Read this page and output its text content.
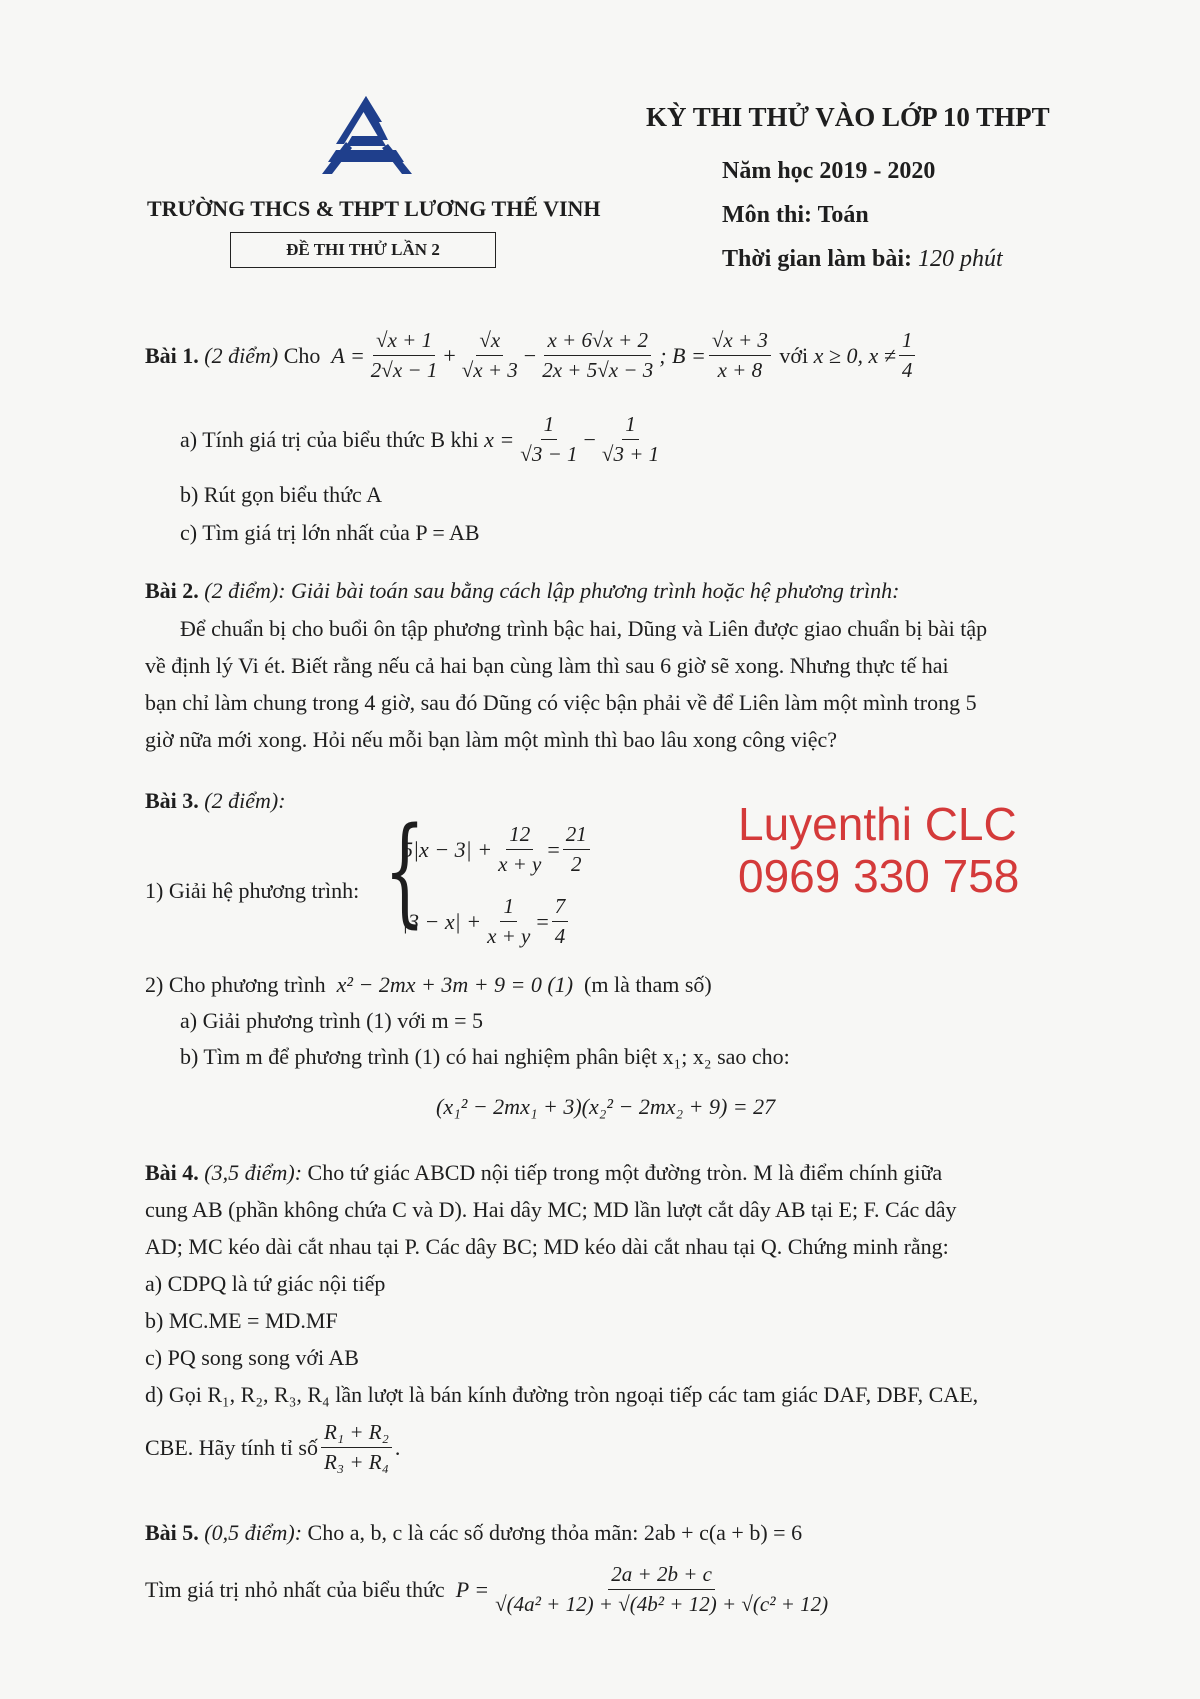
KỲ THI THỬ VÀO LỚP 10 THPT
TRƯỜNG THCS & THPT LƯƠNG THẾ VINH
ĐỀ THI THỬ LẦN 2
Năm học 2019 - 2020
Môn thi: Toán
Thời gian làm bài: 120 phút
Bài 1.
(2 điểm)
Cho
$A = \frac{√x + 1}{2√x - 1} + \frac{√x}{√x + 3} - \frac{x + 6√x + 2}{2x + 5√x - 3}$ ; $B = \frac{√x + 3}{x + 8}$
với
x ≥ 0, $x \ne \frac{1}{4}$
a) Tính giá trị của biểu thức B khi
$x = \frac{1}{√3 - 1} - \frac{1}{√3 + 1}$
b) Rút gọn biểu thức A
c) Tìm giá trị lớn nhất của P = AB
Bài 2. (2 điểm): Giải bài toán sau bằng cách lập phương trình hoặc hệ phương trình:
Để chuẩn bị cho buổi ôn tập phương trình bậc hai, Dũng và Liên được giao chuẩn bị bài tập
về định lý Vi ét. Biết rằng nếu cả hai bạn cùng làm thì sau 6 giờ sẽ xong. Nhưng thực tế hai
bạn chỉ làm chung trong 4 giờ, sau đó Dũng có việc bận phải về để Liên làm một mình trong 5
giờ nữa mới xong. Hỏi nếu mỗi bạn làm một mình thì bao lâu xong công việc?
Bài 3. (2 điểm):
1) Giải hệ phương trình: {
$5|x - 3| + \frac{12}{x + y} = \frac{21}{2}$
$|3 - x| + \frac{1}{x + y} = \frac{7}{4}$
Luyenthi CLC
0969 330 758
2) Cho phương trình x² − 2mx + 3m + 9 = 0 (1) (m là tham số)
a) Giải phương trình (1) với m = 5
b) Tìm m để phương trình (1) có hai nghiệm phân biệt x₁; x₂ sao cho:
(x₁² − 2mx₁ + 3)(x₂² − 2mx₂ + 9) = 27
Bài 4. (3,5 điểm): Cho tứ giác ABCD nội tiếp trong một đường tròn. M là điểm chính giữa
cung AB (phần không chứa C và D). Hai dây MC; MD lần lượt cắt dây AB tại E; F. Các dây
AD; MC kéo dài cắt nhau tại P. Các dây BC; MD kéo dài cắt nhau tại Q. Chứng minh rằng:
a) CDPQ là tứ giác nội tiếp
b) MC.ME = MD.MF
c) PQ song song với AB
d) Gọi R₁, R₂, R₃, R₄ lần lượt là bán kính đường tròn ngoại tiếp các tam giác DAF, DBF, CAE,
CBE. Hãy tính tỉ số $\frac{\text{R₁ + R₂}}{\text{R₃ + R₄}}$ .
Bài 5. (0,5 điểm): Cho a, b, c là các số dương thỏa mãn: 2ab + c(a + b) = 6
Tìm giá trị nhỏ nhất của biểu thức
$P = \frac{2a + 2b + c}{\text{√(4a² + 12) + √(4b² + 12) + √(c² + 12)}}$
